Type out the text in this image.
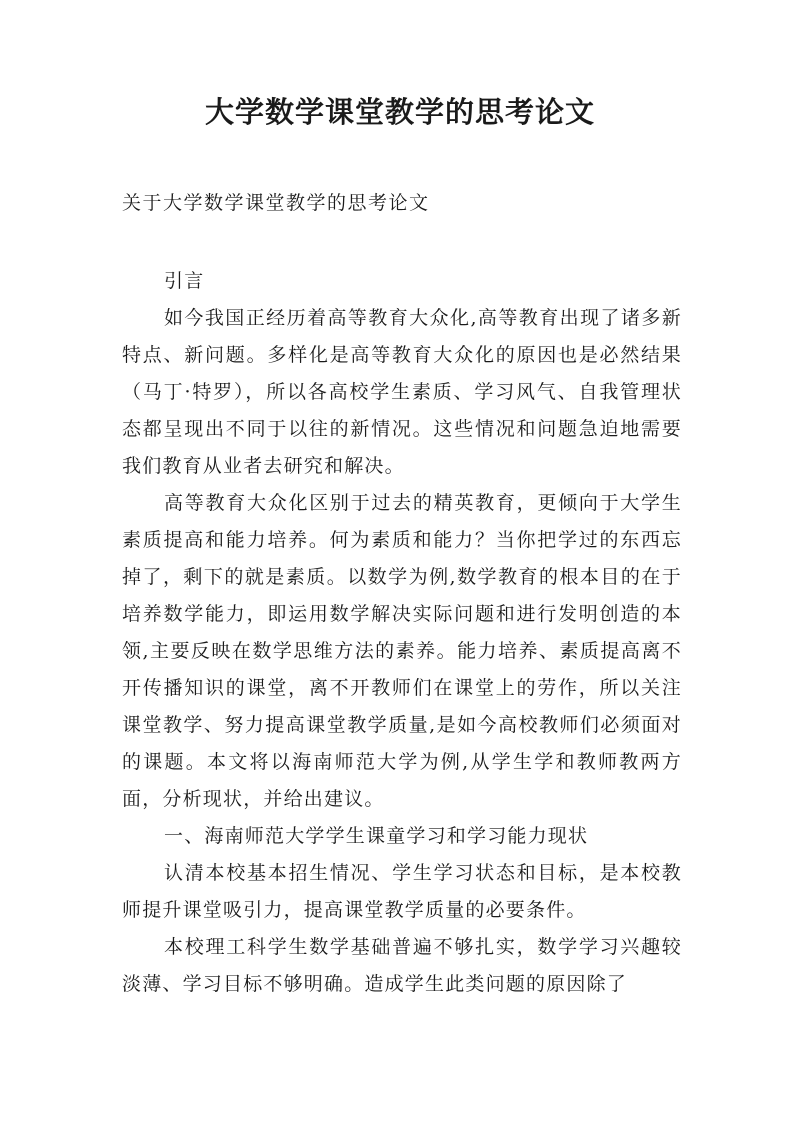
大学数学课堂教学的思考论文

关于大学数学课堂教学的思考论文

引言

如今我国正经历着高等教育大众化,高等教育出现了诸多新特点、新问题。多样化是高等教育大众化的原因也是必然结果（马丁·特罗），所以各高校学生素质、学习风气、自我管理状态都呈现出不同于以往的新情况。这些情况和问题急迫地需要我们教育从业者去研究和解决。

高等教育大众化区别于过去的精英教育，更倾向于大学生素质提高和能力培养。何为素质和能力？当你把学过的东西忘掉了，剩下的就是素质。以数学为例,数学教育的根本目的在于培养数学能力，即运用数学解决实际问题和进行发明创造的本领,主要反映在数学思维方法的素养。能力培养、素质提高离不开传播知识的课堂，离不开教师们在课堂上的劳作，所以关注课堂教学、努力提高课堂教学质量,是如今高校教师们必须面对的课题。本文将以海南师范大学为例,从学生学和教师教两方面，分析现状，并给出建议。

一、海南师范大学学生课童学习和学习能力现状

认清本校基本招生情况、学生学习状态和目标，是本校教师提升课堂吸引力，提高课堂教学质量的必要条件。

本校理工科学生数学基础普遍不够扎实，数学学习兴趣较淡薄、学习目标不够明确。造成学生此类问题的原因除了
